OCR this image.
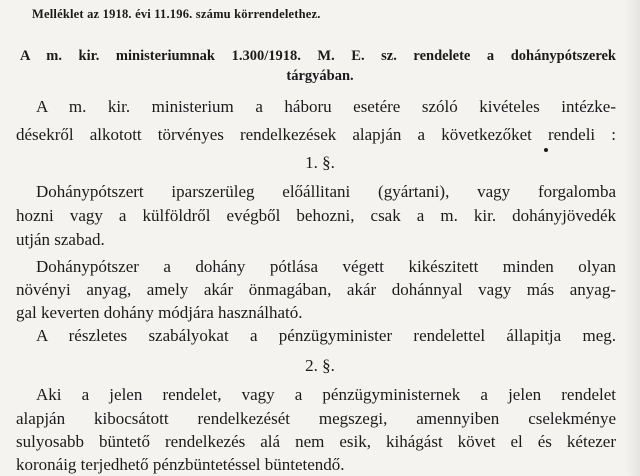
Melléklet az 1918. évi 11.196. számu körrendelethez.
A m. kir. ministeriumnak 1.300/1918. M. E. sz. rendelete a dohánypótszerek
tárgyában.
A m. kir. ministerium a háboru esetére szóló kivételes intézke-
désekről alkotott törvényes rendelkezések alapján a következőket rendeli :
1. §.
Dohánypótszert iparszerüleg előállitani (gyártani), vagy forgalomba
hozni vagy a külföldről evégből behozni, csak a m. kir. dohányjövedék
utján szabad.
Dohánypótszer a dohány pótlása végett kikészitett minden olyan
növényi anyag, amely akár önmagában, akár dohánnyal vagy más anyag-
gal keverten dohány módjára használható.
A részletes szabályokat a pénzügyminister rendelettel állapitja meg.
2. §.
Aki a jelen rendelet, vagy a pénzügyministernek a jelen rendelet
alapján kibocsátott rendelkezését megszegi, amennyiben cselekménye
sulyosabb büntető rendelkezés alá nem esik, kihágást követ el és kétezer
koronáig terjedhető pénzbüntetéssel büntetendő.
